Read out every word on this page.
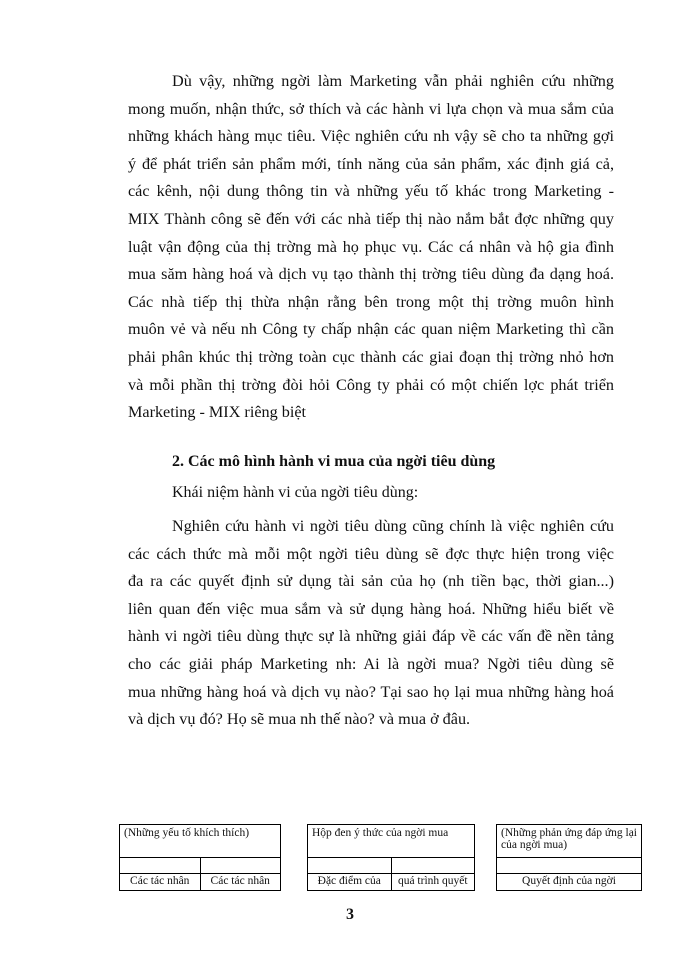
Dù vậy, những ngời làm Marketing vẫn phải nghiên cứu những
mong muốn, nhận thức, sở thích và các hành vi lựa chọn và mua sắm của
những khách hàng mục tiêu. Việc nghiên cứu nh vậy sẽ cho ta những gợi
ý để phát triển sản phẩm mới, tính năng của sản phẩm, xác định giá cả,
các kênh, nội dung thông tin và những yếu tố khác trong Marketing -
MIX Thành công sẽ đến với các nhà tiếp thị nào nắm bắt đợc những quy
luật vận động của thị trờng mà họ phục vụ. Các cá nhân và hộ gia đình
mua săm hàng hoá và dịch vụ tạo thành thị trờng tiêu dùng đa dạng hoá.
Các nhà tiếp thị thừa nhận rằng bên trong một thị trờng muôn hình
muôn vẻ và nếu nh Công ty chấp nhận các quan niệm Marketing thì cần
phải phân khúc thị trờng toàn cục thành các giai đoạn thị trờng nhỏ hơn
và mỗi phần thị trờng đòi hỏi Công ty phải có một chiến lợc phát triển
Marketing - MIX riêng biệt
2. Các mô hình hành vi mua của ngời tiêu dùng
Khái niệm hành vi của ngời tiêu dùng:
Nghiên cứu hành vi ngời tiêu dùng cũng chính là việc nghiên cứu
các cách thức mà mỗi một ngời tiêu dùng sẽ đợc thực hiện trong việc
đa ra các quyết định sử dụng tài sản của họ (nh tiền bạc, thời gian...)
liên quan đến việc mua sắm và sử dụng hàng hoá. Những hiểu biết về
hành vi ngời tiêu dùng thực sự là những giải đáp về các vấn đề nền tảng
cho các giải pháp Marketing nh: Ai là ngời mua? Ngời tiêu dùng sẽ
mua những hàng hoá và dịch vụ nào? Tại sao họ lại mua những hàng hoá
và dịch vụ đó? Họ sẽ mua nh thế nào? và mua ở đâu.
(Những yếu tố khích thích)
Các tác nhân	Các tác nhân
Hộp đen ý thức của ngời mua
Đặc điểm của	quá trình quyết
(Những phản ứng đáp ứng lại của ngời mua)
Quyết định của ngời
3
